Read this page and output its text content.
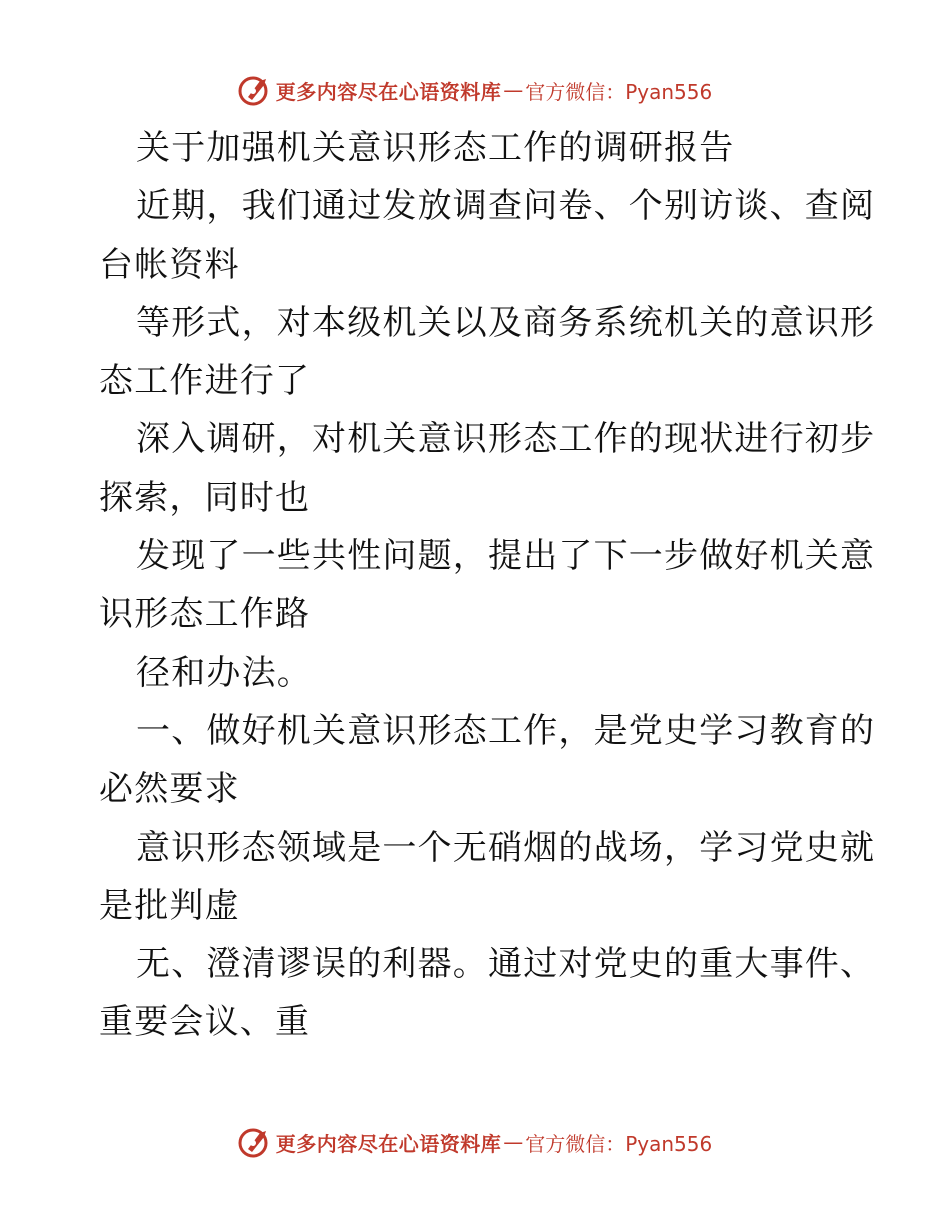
更多内容尽在心语资料库 — 官方微信：Pyan556
关于加强机关意识形态工作的调研报告
近期，我们通过发放调查问卷、个别访谈、查阅
台帐资料
等形式，对本级机关以及商务系统机关的意识形
态工作进行了
深入调研，对机关意识形态工作的现状进行初步
探索，同时也
发现了一些共性问题，提出了下一步做好机关意
识形态工作路
径和办法。
一、做好机关意识形态工作，是党史学习教育的
必然要求
意识形态领域是一个无硝烟的战场，学习党史就
是批判虚
无、澄清谬误的利器。通过对党史的重大事件、
重要会议、重
更多内容尽在心语资料库 — 官方微信：Pyan556
